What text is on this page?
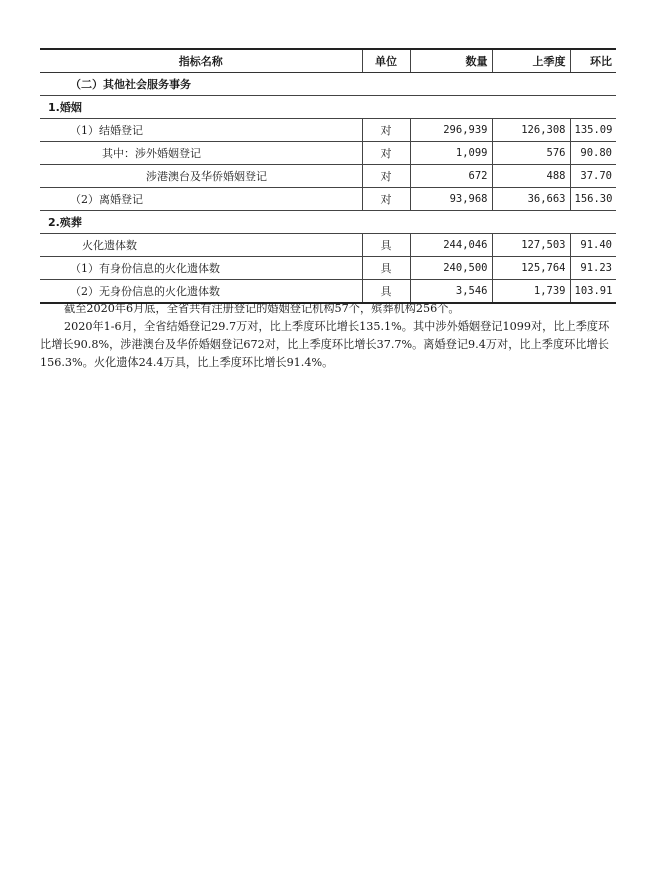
指标名称	单位	数量	上季度	环比
（二）其他社会服务事务				
1.婚姻				
（1）结婚登记	对	296,939	126,308	135.09
其中：涉外婚姻登记	对	1,099	576	90.80
涉港澳台及华侨婚姻登记	对	672	488	37.70
（2）离婚登记	对	93,968	36,663	156.30
2.殡葬				
火化遗体数	具	244,046	127,503	91.40
（1）有身份信息的火化遗体数	具	240,500	125,764	91.23
（2）无身份信息的火化遗体数	具	3,546	1,739	103.91

截至2020年6月底，全省共有注册登记的婚姻登记机构57个，殡葬机构256个。

2020年1-6月，全省结婚登记29.7万对，比上季度环比增长135.1%。其中涉外婚姻登记1099对，比上季度环比增长90.8%，涉港澳台及华侨婚姻登记672对，比上季度环比增长37.7%。离婚登记9.4万对，比上季度环比增长156.3%。火化遗体24.4万具，比上季度环比增长91.4%。
